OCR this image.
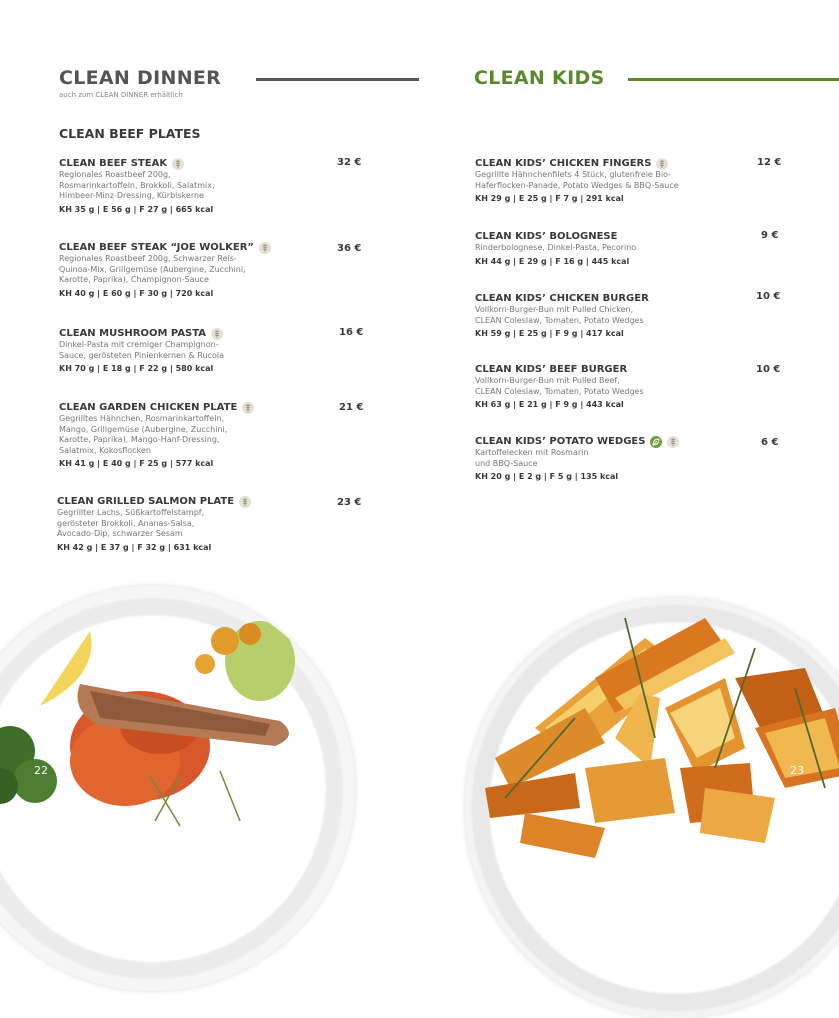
CLEAN DINNER
auch zum CLEAN DINNER erhältlich
CLEAN BEEF PLATES
CLEAN BEEF STEAK
Regionales Roastbeef 200g,
Rosmarinkartoffeln, Brokkoli, Salatmix,
Himbeer-Minz-Dressing, Kürbiskerne
KH 35 g | E 56 g | F 27 g | 665 kcal
32 €
CLEAN BEEF STEAK “JOE WOLKER”
Regionales Roastbeef 200g, Schwarzer Reis-
Quinoa-Mix, Grillgemüse (Aubergine, Zucchini,
Karotte, Paprika), Champignon-Sauce
KH 40 g | E 60 g | F 30 g | 720 kcal
36 €
CLEAN MUSHROOM PASTA
Dinkel-Pasta mit cremiger Champignon-
Sauce, gerösteten Pinienkernen & Rucola
KH 70 g | E 18 g | F 22 g | 580 kcal
16 €
CLEAN GARDEN CHICKEN PLATE
Gegrilltes Hähnchen, Rosmarinkartoffeln,
Mango, Grillgemüse (Aubergine, Zucchini,
Karotte, Paprika), Mango-Hanf-Dressing,
Salatmix, Kokosflocken
KH 41 g | E 40 g | F 25 g | 577 kcal
21 €
CLEAN GRILLED SALMON PLATE
Gegrillter Lachs, Süßkartoffelstampf,
gerösteter Brokkoli, Ananas-Salsa,
Avocado-Dip, schwarzer Sesam
KH 42 g | E 37 g | F 32 g | 631 kcal
23 €
22
CLEAN KIDS
CLEAN KIDS’ CHICKEN FINGERS
Gegrillte Hähnchenfilets 4 Stück, glutenfreie Bio-
Haferflocken-Panade, Potato Wedges & BBQ-Sauce
KH 29 g | E 25 g | F 7 g | 291 kcal
12 €
CLEAN KIDS’ BOLOGNESE
Rinderbolognese, Dinkel-Pasta, Pecorino
KH 44 g | E 29 g | F 16 g | 445 kcal
9 €
CLEAN KIDS’ CHICKEN BURGER
Vollkorn-Burger-Bun mit Pulled Chicken,
CLEAN Coleslaw, Tomaten, Potato Wedges
KH 59 g | E 25 g | F 9 g | 417 kcal
10 €
CLEAN KIDS’ BEEF BURGER
Vollkorn-Burger-Bun mit Pulled Beef,
CLEAN Coleslaw, Tomaten, Potato Wedges
KH 63 g | E 21 g | F 9 g | 443 kcal
10 €
CLEAN KIDS’ POTATO WEDGES
Kartoffelecken mit Rosmarin
und BBQ-Sauce
KH 20 g | E 2 g | F 5 g | 135 kcal
6 €
23
